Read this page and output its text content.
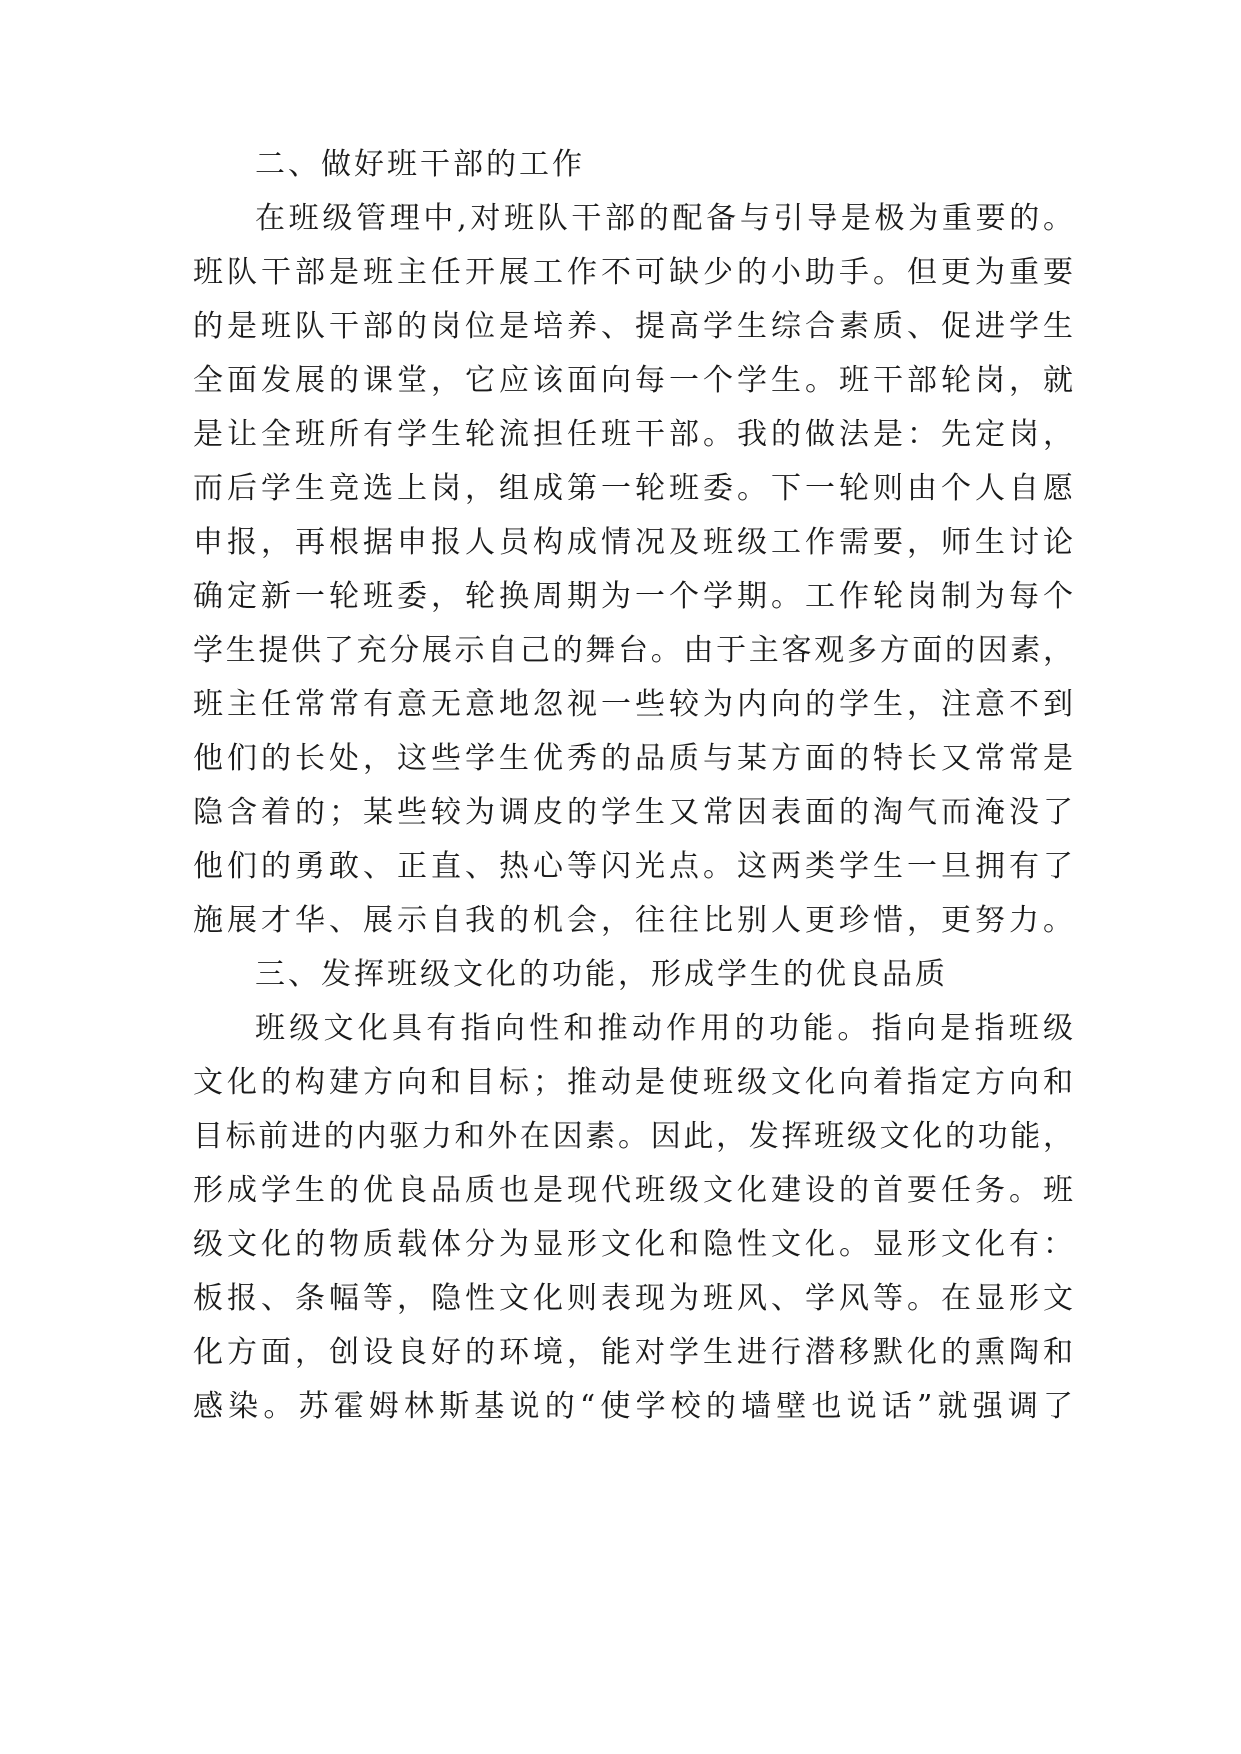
二、做好班干部的工作
在班级管理中,对班队干部的配备与引导是极为重要的。
班队干部是班主任开展工作不可缺少的小助手。但更为重要
的是班队干部的岗位是培养、提高学生综合素质、促进学生
全面发展的课堂，它应该面向每一个学生。班干部轮岗，就
是让全班所有学生轮流担任班干部。我的做法是：先定岗，
而后学生竞选上岗，组成第一轮班委。下一轮则由个人自愿
申报，再根据申报人员构成情况及班级工作需要，师生讨论
确定新一轮班委，轮换周期为一个学期。工作轮岗制为每个
学生提供了充分展示自己的舞台。由于主客观多方面的因素，
班主任常常有意无意地忽视一些较为内向的学生，注意不到
他们的长处，这些学生优秀的品质与某方面的特长又常常是
隐含着的；某些较为调皮的学生又常因表面的淘气而淹没了
他们的勇敢、正直、热心等闪光点。这两类学生一旦拥有了
施展才华、展示自我的机会，往往比别人更珍惜，更努力。
三、发挥班级文化的功能，形成学生的优良品质
班级文化具有指向性和推动作用的功能。指向是指班级
文化的构建方向和目标；推动是使班级文化向着指定方向和
目标前进的内驱力和外在因素。因此，发挥班级文化的功能，
形成学生的优良品质也是现代班级文化建设的首要任务。班
级文化的物质载体分为显形文化和隐性文化。显形文化有：
板报、条幅等，隐性文化则表现为班风、学风等。在显形文
化方面，创设良好的环境，能对学生进行潜移默化的熏陶和
感染。苏霍姆林斯基说的“使学校的墙壁也说话”就强调了
